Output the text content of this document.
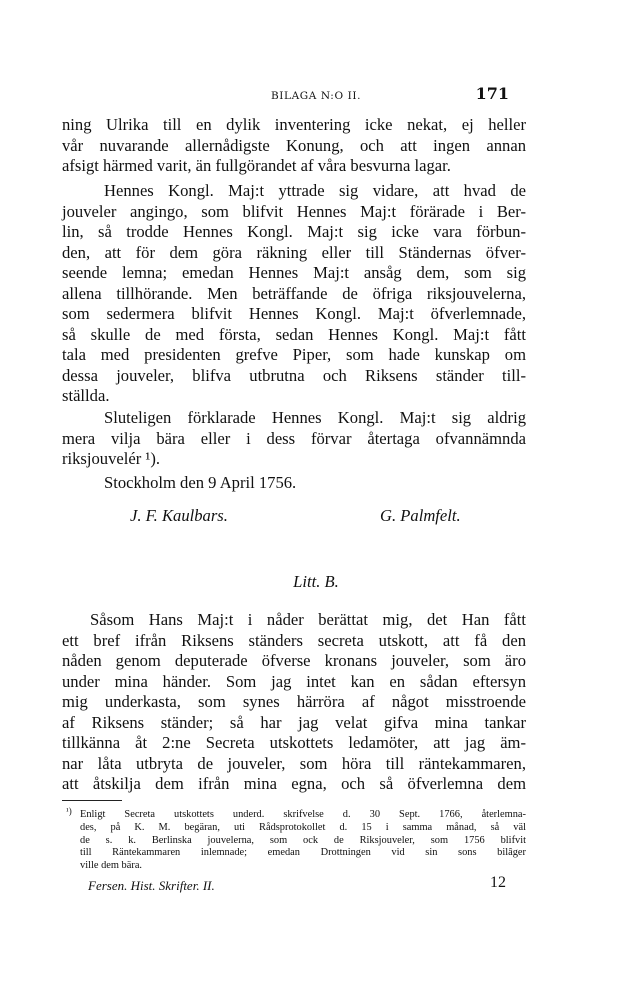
BILAGA N:O II.	171
ning Ulrika till en dylik inventering icke nekat, ej heller
vår nuvarande allernådigste Konung, och att ingen annan
afsigt härmed varit, än fullgörandet af våra besvurna lagar.
Hennes Kongl. Maj:t yttrade sig vidare, att hvad de
jouveler angingo, som blifvit Hennes Maj:t förärade i Ber-
lin, så trodde Hennes Kongl. Maj:t sig icke vara förbun-
den, att för dem göra räkning eller till Ständernas öfver-
seende lemna; emedan Hennes Maj:t ansåg dem, som sig
allena tillhörande. Men beträffande de öfriga riksjouvelerna,
som sedermera blifvit Hennes Kongl. Maj:t öfverlemnade,
så skulle de med första, sedan Hennes Kongl. Maj:t fått
tala med presidenten grefve Piper, som hade kunskap om
dessa jouveler, blifva utbrutna och Riksens ständer till-
ställda.
Sluteligen förklarade Hennes Kongl. Maj:t sig aldrig
mera vilja bära eller i dess förvar återtaga ofvannämnda
riksjouvelér ¹).
Stockholm den 9 April 1756.
J. F. Kaulbars.	G. Palmfelt.
Litt. B.
Såsom Hans Maj:t i nåder berättat mig, det Han fått
ett bref ifrån Riksens ständers secreta utskott, att få den
nåden genom deputerade öfverse kronans jouveler, som äro
under mina händer. Som jag intet kan en sådan eftersyn
mig underkasta, som synes härröra af något misstroende
af Riksens ständer; så har jag velat gifva mina tankar
tillkänna åt 2:ne Secreta utskottets ledamöter, att jag äm-
nar låta utbryta de jouveler, som höra till räntekammaren,
att åtskilja dem ifrån mina egna, och så öfverlemna dem
¹) Enligt Secreta utskottets underd. skrifvelse d. 30 Sept. 1766, återlemna-
des, på K. M. begäran, uti Rådsprotokollet d. 15 i samma månad, så väl
de s. k. Berlinska jouvelerna, som ock de Riksjouveler, som 1756 blifvit
till Räntekammaren inlemnade; emedan Drottningen vid sin sons bilâger
ville dem bära.
Fersen. Hist. Skrifter. II.	12
